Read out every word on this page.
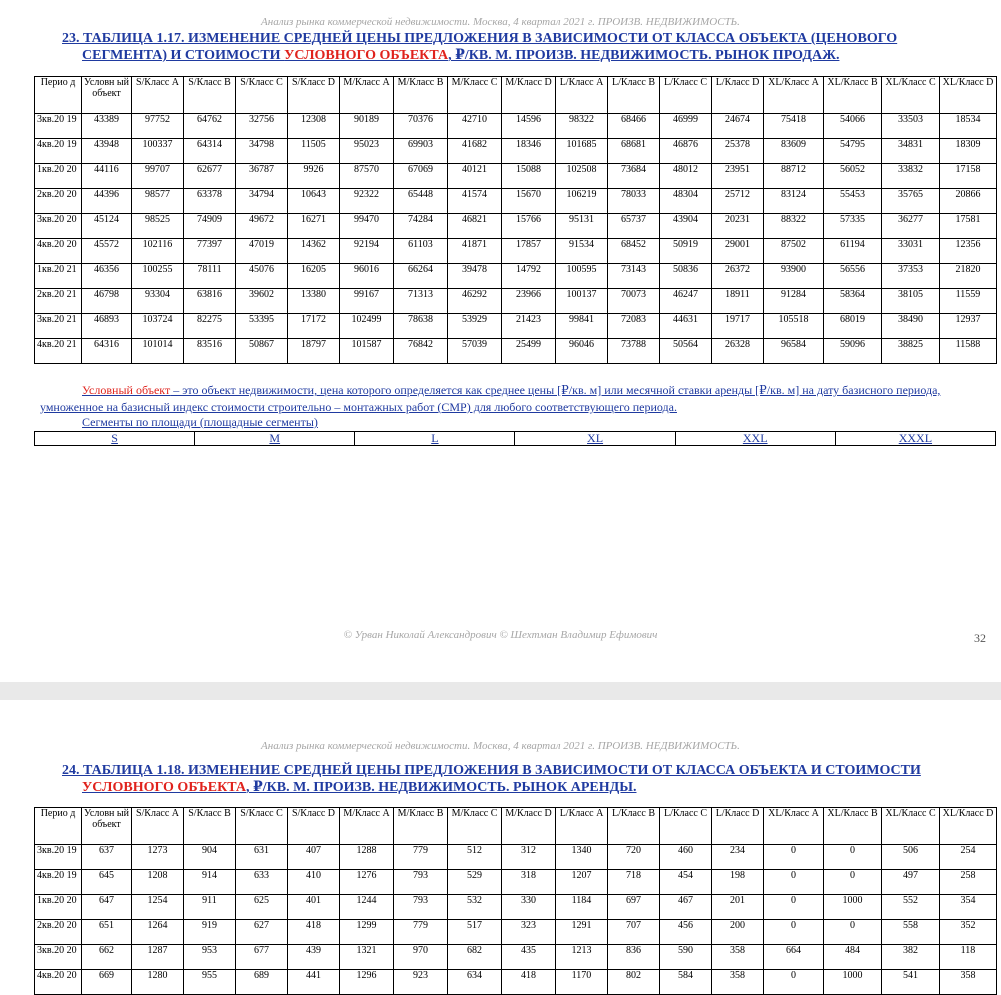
Анализ рынка коммерческой недвижимости. Москва, 4 квартал 2021 г. ПРОИЗВ. НЕДВИЖИМОСТЬ.
23. ТАБЛИЦА 1.17. ИЗМЕНЕНИЕ СРЕДНЕЙ ЦЕНЫ ПРЕДЛОЖЕНИЯ В ЗАВИСИМОСТИ ОТ КЛАССА ОБЪЕКТА (ЦЕНОВОГО
СЕГМЕНТА) И СТОИМОСТИ УСЛОВНОГО ОБЪЕКТА, ₽/КВ. М. ПРОИЗВ. НЕДВИЖИМОСТЬ. РЫНОК ПРОДАЖ.
Перио д	Условн ый объект	S/Класс A	S/Класс B	S/Класс C	S/Класс D	M/Класс A	M/Класс B	M/Класс C	M/Класс D	L/Класс A	L/Класс B	L/Класс C	L/Класс D	XL/Класс A	XL/Класс B	XL/Класс C	XL/Класс D
3кв.20 19	43389	97752	64762	32756	12308	90189	70376	42710	14596	98322	68466	46999	24674	75418	54066	33503	18534
4кв.20 19	43948	100337	64314	34798	11505	95023	69903	41682	18346	101685	68681	46876	25378	83609	54795	34831	18309
1кв.20 20	44116	99707	62677	36787	9926	87570	67069	40121	15088	102508	73684	48012	23951	88712	56052	33832	17158
2кв.20 20	44396	98577	63378	34794	10643	92322	65448	41574	15670	106219	78033	48304	25712	83124	55453	35765	20866
3кв.20 20	45124	98525	74909	49672	16271	99470	74284	46821	15766	95131	65737	43904	20231	88322	57335	36277	17581
4кв.20 20	45572	102116	77397	47019	14362	92194	61103	41871	17857	91534	68452	50919	29001	87502	61194	33031	12356
1кв.20 21	46356	100255	78111	45076	16205	96016	66264	39478	14792	100595	73143	50836	26372	93900	56556	37353	21820
2кв.20 21	46798	93304	63816	39602	13380	99167	71313	46292	23966	100137	70073	46247	18911	91284	58364	38105	11559
3кв.20 21	46893	103724	82275	53395	17172	102499	78638	53929	21423	99841	72083	44631	19717	105518	68019	38490	12937
4кв.20 21	64316	101014	83516	50867	18797	101587	76842	57039	25499	96046	73788	50564	26328	96584	59096	38825	11588
Условный объект – это объект недвижимости, цена которого определяется как среднее цены [₽/кв. м] или месячной ставки аренды [₽/кв. м] на дату базисного периода, умноженное на базисный индекс стоимости строительно – монтажных работ (СМР) для любого соответствующего периода.
Сегменты по площади (площадные сегменты)
S	M	L	XL	XXL	XXXL
© Урван Николай Александрович © Шехтман Владимир Ефимович	32
Анализ рынка коммерческой недвижимости. Москва, 4 квартал 2021 г. ПРОИЗВ. НЕДВИЖИМОСТЬ.
24. ТАБЛИЦА 1.18. ИЗМЕНЕНИЕ СРЕДНЕЙ ЦЕНЫ ПРЕДЛОЖЕНИЯ В ЗАВИСИМОСТИ ОТ КЛАССА ОБЪЕКТА И СТОИМОСТИ
УСЛОВНОГО ОБЪЕКТА, ₽/КВ. М. ПРОИЗВ. НЕДВИЖИМОСТЬ. РЫНОК АРЕНДЫ.
Перио д	Условн ый объект	S/Класс A	S/Класс B	S/Класс C	S/Класс D	M/Класс A	M/Класс B	M/Класс C	M/Класс D	L/Класс A	L/Класс B	L/Класс C	L/Класс D	XL/Класс A	XL/Класс B	XL/Класс C	XL/Класс D
3кв.20 19	637	1273	904	631	407	1288	779	512	312	1340	720	460	234	0	0	506	254
4кв.20 19	645	1208	914	633	410	1276	793	529	318	1207	718	454	198	0	0	497	258
1кв.20 20	647	1254	911	625	401	1244	793	532	330	1184	697	467	201	0	1000	552	354
2кв.20 20	651	1264	919	627	418	1299	779	517	323	1291	707	456	200	0	0	558	352
3кв.20 20	662	1287	953	677	439	1321	970	682	435	1213	836	590	358	664	484	382	118
4кв.20 20	669	1280	955	689	441	1296	923	634	418	1170	802	584	358	0	1000	541	358
